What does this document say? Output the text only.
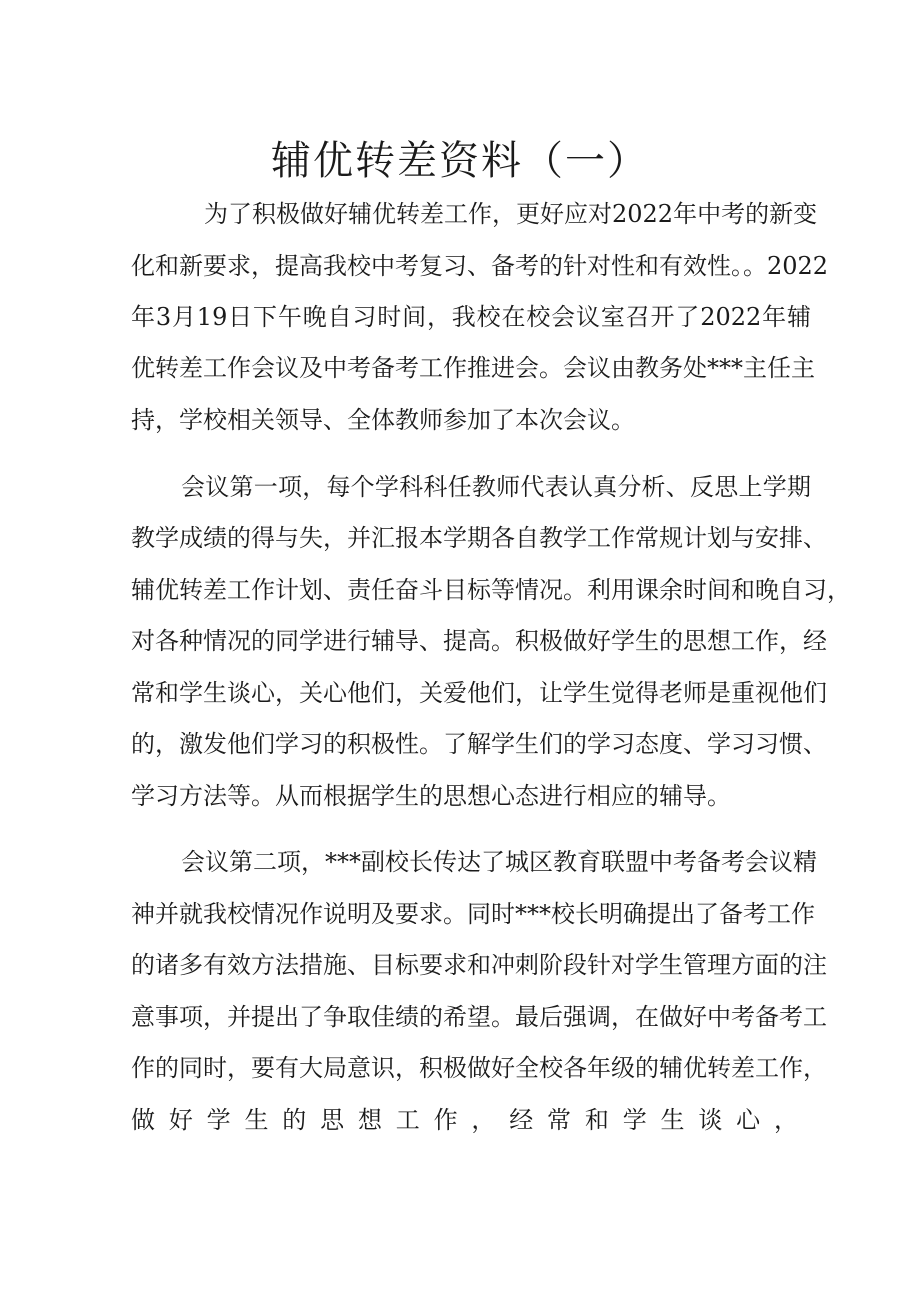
辅优转差资料（一）

为了积极做好辅优转差工作，更好应对2022年中考的新变

化和新要求，提高我校中考复习、备考的针对性和有效性。。2022

年3月19日下午晚自习时间，我校在校会议室召开了2022年辅

优转差工作会议及中考备考工作推进会。会议由教务处***主任主

持，学校相关领导、全体教师参加了本次会议。

会议第一项，每个学科科任教师代表认真分析、反思上学期

教学成绩的得与失，并汇报本学期各自教学工作常规计划与安排、

辅优转差工作计划、责任奋斗目标等情况。利用课余时间和晚自习，

对各种情况的同学进行辅导、提高。积极做好学生的思想工作，经

常和学生谈心，关心他们，关爱他们，让学生觉得老师是重视他们

的，激发他们学习的积极性。了解学生们的学习态度、学习习惯、

学习方法等。从而根据学生的思想心态进行相应的辅导。

会议第二项，***副校长传达了城区教育联盟中考备考会议精

神并就我校情况作说明及要求。同时***校长明确提出了备考工作

的诸多有效方法措施、目标要求和冲刺阶段针对学生管理方面的注

意事项，并提出了争取佳绩的希望。最后强调，在做好中考备考工

作的同时，要有大局意识，积极做好全校各年级的辅优转差工作，

做好学生的思想工作，经常和学生谈心，
